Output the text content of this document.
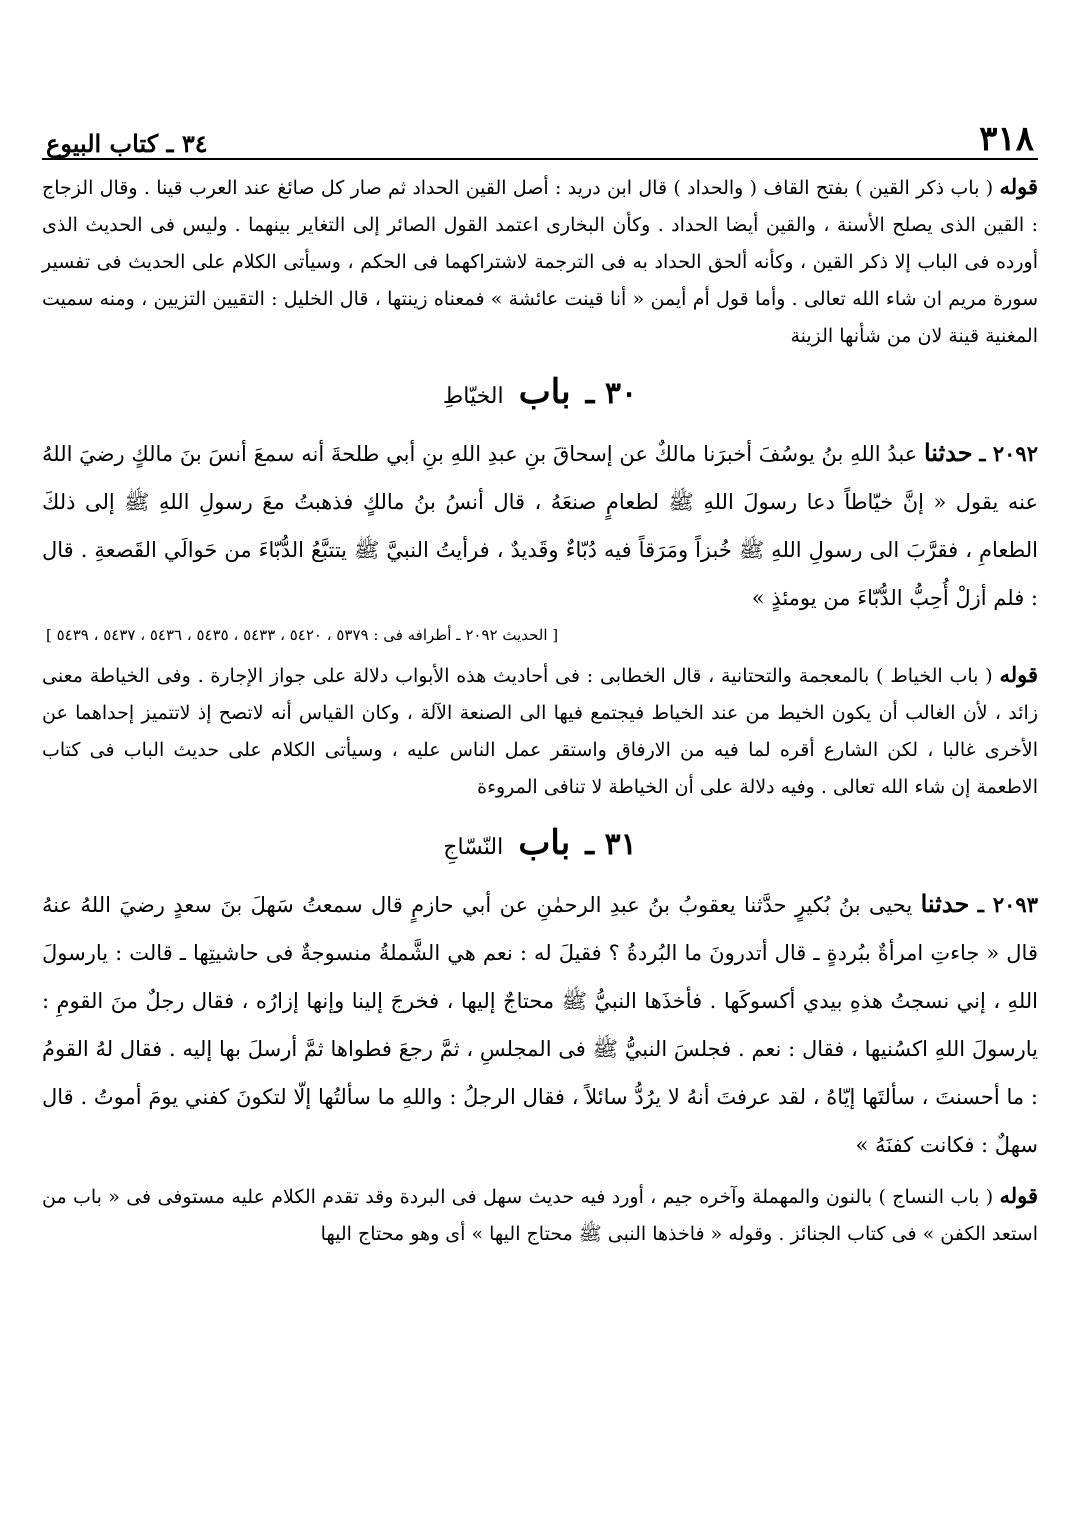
٣١٨
٣٤ ـ كتاب البيوع

قوله ( باب ذكر القين ) بفتح القاف ( والحداد ) قال ابن دريد : أصل القين الحداد ثم صار كل صائغ عند العرب قينا . وقال الزجاج : القين الذى يصلح الأسنة ، والقين أيضا الحداد . وكأن البخارى اعتمد القول الصائر إلى التغاير بينهما . وليس فى الحديث الذى أورده فى الباب إلا ذكر القين ، وكأنه ألحق الحداد به فى الترجمة لاشتراكهما فى الحكم ، وسيأتى الكلام على الحديث فى تفسير سورة مريم ان شاء الله تعالى . وأما قول أم أيمن « أنا قينت عائشة » فمعناه زينتها ، قال الخليل : التقيين التزيين ، ومنه سميت المغنية قينة لان من شأنها الزينة

٣٠ ـ باب الخيّاطِ

٢٠٩٢ ـ حدثنا عبدُ اللهِ بنُ يوسُفَ أخبرَنا مالكٌ عن إسحاقَ بنِ عبدِ اللهِ بنِ أبي طلحةَ أنه سمعَ أنسَ بنَ مالكٍ رضيَ اللهُ عنه يقول « إنَّ خيّاطاً دعا رسولَ اللهِ ﷺ لطعامٍ صنعَهُ ، قال أنسُ بنُ مالكٍ فذهبتُ معَ رسولِ اللهِ ﷺ إلى ذلكَ الطعامِ ، فقرَّبَ الى رسولِ اللهِ ﷺ خُبزاً ومَرَقاً فيه دُبّاءٌ وقَديدٌ ، فرأيتُ النبيَّ ﷺ يتتبَّعُ الدُّبّاءَ من حَوالَي القَصعةِ . قال : فلم أزلْ أُحِبُّ الدُّبّاءَ من يومئذٍ »

[ الحديث ٢٠٩٢ ـ أطرافه فى : ٥٣٧٩ ، ٥٤٢٠ ، ٥٤٣٣ ، ٥٤٣٥ ، ٥٤٣٦ ، ٥٤٣٧ ، ٥٤٣٩ ]

قوله ( باب الخياط ) بالمعجمة والتحتانية ، قال الخطابى : فى أحاديث هذه الأبواب دلالة على جواز الإجارة . وفى الخياطة معنى زائد ، لأن الغالب أن يكون الخيط من عند الخياط فيجتمع فيها الى الصنعة الآلة ، وكان القياس أنه لاتصح إذ لاتتميز إحداهما عن الأخرى غالبا ، لكن الشارع أقره لما فيه من الارفاق واستقر عمل الناس عليه ، وسيأتى الكلام على حديث الباب فى كتاب الاطعمة إن شاء الله تعالى . وفيه دلالة على أن الخياطة لا تنافى المروءة

٣١ ـ باب النّسّاجِ

٢٠٩٣ ـ حدثنا يحيى بنُ بُكيرٍ حدَّثنا يعقوبُ بنُ عبدِ الرحمٰنِ عن أبي حازمٍ قال سمعتُ سَهلَ بنَ سعدٍ رضيَ اللهُ عنهُ قال « جاءتِ امرأةٌ ببُردةٍ ـ قال أتدرونَ ما البُردةُ ؟ فقيلَ له : نعم هي الشَّملةُ منسوجةٌ فى حاشيتِها ـ قالت : يارسولَ اللهِ ، إني نسجتُ هذهِ بيدي أكسوكَها . فأخذَها النبيُّ ﷺ محتاجٌ إليها ، فخرجَ إلينا وإنها إزارُه ، فقال رجلٌ منَ القومِ : يارسولَ اللهِ اكسُنيها ، فقال : نعم . فجلسَ النبيُّ ﷺ فى المجلسِ ، ثمَّ رجعَ فطواها ثمَّ أرسلَ بها إليه . فقال لهُ القومُ : ما أحسنتَ ، سألتَها إيّاهُ ، لقد عرفتَ أنهُ لا يرُدُّ سائلاً ، فقال الرجلُ : واللهِ ما سألتُها إلّا لتكونَ كفني يومَ أموتُ . قال سهلٌ : فكانت كفنَهُ »

قوله ( باب النساج ) بالنون والمهملة وآخره جيم ، أورد فيه حديث سهل فى البردة وقد تقدم الكلام عليه مستوفى فى « باب من استعد الكفن » فى كتاب الجنائز . وقوله « فاخذها النبى ﷺ محتاج اليها » أى وهو محتاج اليها
